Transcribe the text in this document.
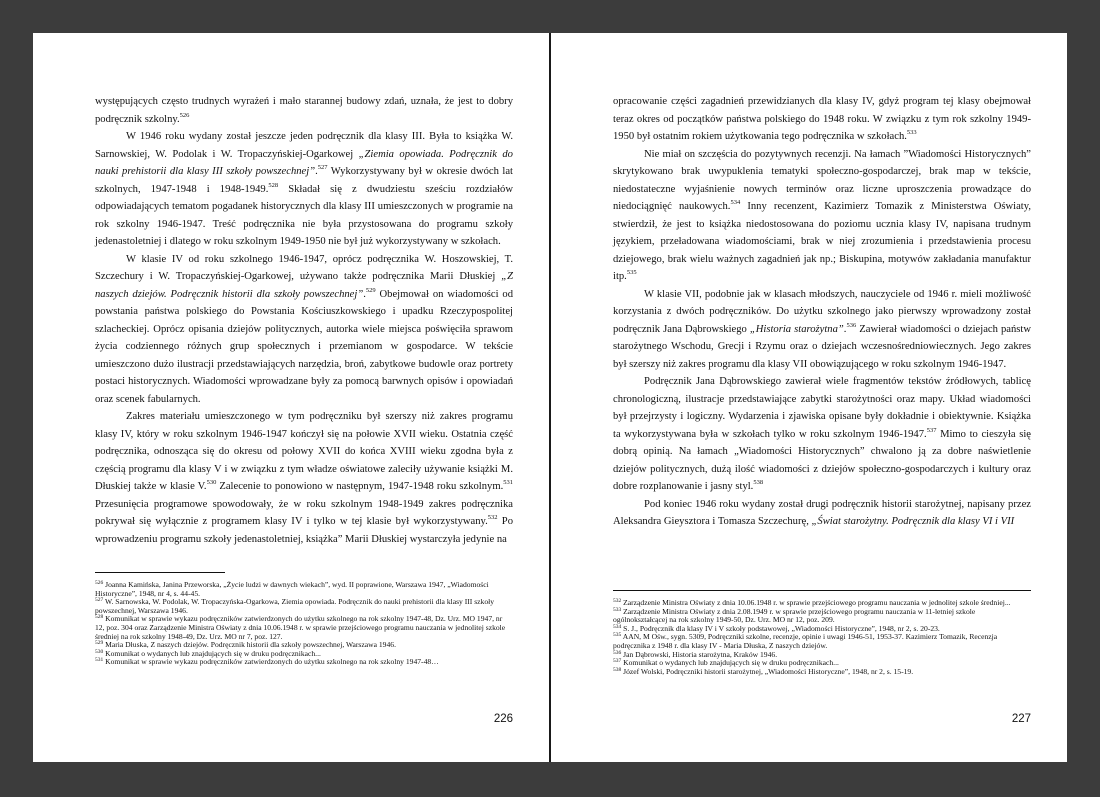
występujących często trudnych wyrażeń i mało starannej budowy zdań, uznała, że jest to dobry podręcznik szkolny.$^{526}$

W 1946 roku wydany został jeszcze jeden podręcznik dla klasy III. Była to książka W. Sarnowskiej, W. Podolak i W. Tropaczyńskiej-Ogarkowej „Ziemia opowiada. Podręcznik do nauki prehistorii dla klasy III szkoły powszechnej”.$^{527}$ Wykorzystywany był w okresie dwóch lat szkolnych, 1947-1948 i 1948-1949.$^{528}$ Składał się z dwudziestu sześciu rozdziałów odpowiadających tematom pogadanek historycznych dla klasy III umieszczonych w programie na rok szkolny 1946-1947. Treść podręcznika nie była przystosowana do programu szkoły jedenastoletniej i dlatego w roku szkolnym 1949-1950 nie był już wykorzystywany w szkołach.

W klasie IV od roku szkolnego 1946-1947, oprócz podręcznika W. Hoszowskiej, T. Szczechury i W. Tropaczyńskiej-Ogarkowej, używano także podręcznika Marii Dłuskiej „Z naszych dziejów. Podręcznik historii dla szkoły powszechnej”.$^{529}$ Obejmował on wiadomości od powstania państwa polskiego do Powstania Kościuszkowskiego i upadku Rzeczypospolitej szlacheckiej. Oprócz opisania dziejów politycznych, autorka wiele miejsca poświęciła sprawom życia codziennego różnych grup społecznych i przemianom w gospodarce. W tekście umieszczono dużo ilustracji przedstawiających narzędzia, broń, zabytkowe budowle oraz portrety postaci historycznych. Wiadomości wprowadzane były za pomocą barwnych opisów i opowiadań oraz scenek fabularnych.

Zakres materiału umieszczonego w tym podręczniku był szerszy niż zakres programu klasy IV, który w roku szkolnym 1946-1947 kończył się na połowie XVII wieku. Ostatnia część podręcznika, odnosząca się do okresu od połowy XVII do końca XVIII wieku zgodna była z częścią programu dla klasy V i w związku z tym władze oświatowe zaleciły używanie książki M. Dłuskiej także w klasie V.$^{530}$ Zalecenie to ponowiono w następnym, 1947-1948 roku szkolnym.$^{531}$ Przesunięcia programowe spowodowały, że w roku szkolnym 1948-1949 zakres podręcznika pokrywał się wyłącznie z programem klasy IV i tylko w tej klasie był wykorzystywany.$^{532}$ Po wprowadzeniu programu szkoły jedenastoletniej, książka” Marii Dłuskiej wystarczyła jedynie na

$^{526}$ Joanna Kamińska, Janina Przeworska, „Życie ludzi w dawnych wiekach”, wyd. II poprawione, Warszawa 1947, „Wiadomości Historyczne”, 1948, nr 4, s. 44-45.

$^{527}$ W. Sarnowska, W. Podolak, W. Tropaczyńska-Ogarkowa, Ziemia opowiada. Podręcznik do nauki prehistorii dla klasy III szkoły powszechnej, Warszawa 1946.

$^{528}$ Komunikat w sprawie wykazu podręczników zatwierdzonych do użytku szkolnego na rok szkolny 1947-48, Dz. Urz. MO 1947, nr 12, poz. 304 oraz Zarządzenie Ministra Oświaty z dnia 10.06.1948 r. w sprawie przejściowego programu nauczania w jednolitej szkole średniej na rok szkolny 1948-49, Dz. Urz. MO nr 7, poz. 127.

$^{529}$ Maria Dłuska, Z naszych dziejów. Podręcznik historii dla szkoły powszechnej, Warszawa 1946.

$^{530}$ Komunikat o wydanych lub znajdujących się w druku podręcznikach...

$^{531}$ Komunikat w sprawie wykazu podręczników zatwierdzonych do użytku szkolnego na rok szkolny 1947-48…

226

opracowanie części zagadnień przewidzianych dla klasy IV, gdyż program tej klasy obejmował teraz okres od początków państwa polskiego do 1948 roku. W związku z tym rok szkolny 1949-1950 był ostatnim rokiem użytkowania tego podręcznika w szkołach.$^{533}$

Nie miał on szczęścia do pozytywnych recenzji. Na łamach ”Wiadomości Historycznych” skrytykowano brak uwypuklenia tematyki społeczno-gospodarczej, brak map w tekście, niedostateczne wyjaśnienie nowych terminów oraz liczne uproszczenia prowadzące do niedociągnięć naukowych.$^{534}$ Inny recenzent, Kazimierz Tomazik z Ministerstwa Oświaty, stwierdził, że jest to książka niedostosowana do poziomu ucznia klasy IV, napisana trudnym językiem, przeładowana wiadomościami, brak w niej zrozumienia i przedstawienia procesu dziejowego, brak wielu ważnych zagadnień jak np.; Biskupina, motywów zakładania manufaktur itp.$^{535}$

W klasie VII, podobnie jak w klasach młodszych, nauczyciele od 1946 r. mieli możliwość korzystania z dwóch podręczników. Do użytku szkolnego jako pierwszy wprowadzony został podręcznik Jana Dąbrowskiego „Historia starożytna”.$^{536}$ Zawierał wiadomości o dziejach państw starożytnego Wschodu, Grecji i Rzymu oraz o dziejach wczesnośredniowiecznych. Jego zakres był szerszy niż zakres programu dla klasy VII obowiązującego w roku szkolnym 1946-1947.

Podręcznik Jana Dąbrowskiego zawierał wiele fragmentów tekstów źródłowych, tablicę chronologiczną, ilustracje przedstawiające zabytki starożytności oraz mapy. Układ wiadomości był przejrzysty i logiczny. Wydarzenia i zjawiska opisane były dokładnie i obiektywnie. Książka ta wykorzystywana była w szkołach tylko w roku szkolnym 1946-1947.$^{537}$ Mimo to cieszyła się dobrą opinią. Na łamach „Wiadomości Historycznych” chwalono ją za dobre naświetlenie dziejów politycznych, dużą ilość wiadomości z dziejów społeczno-gospodarczych i kultury oraz dobre rozplanowanie i jasny styl.$^{538}$

Pod koniec 1946 roku wydany został drugi podręcznik historii starożytnej, napisany przez Aleksandra Gieysztora i Tomasza Szczechurę, „Świat starożytny. Podręcznik dla klasy VI i VII

$^{532}$ Zarządzenie Ministra Oświaty z dnia 10.06.1948 r. w sprawie przejściowego programu nauczania w jednolitej szkole średniej...

$^{533}$ Zarządzenie Ministra Oświaty z dnia 2.08.1949 r. w sprawie przejściowego programu nauczania w 11-letniej szkole ogólnokształcącej na rok szkolny 1949-50, Dz. Urz. MO nr 12, poz. 209.

$^{534}$ S. J., Podręcznik dla klasy IV i V szkoły podstawowej, „Wiadomości Historyczne”, 1948, nr 2, s. 20-23.

$^{535}$ AAN, M Ośw., sygn. 5309, Podręczniki szkolne, recenzje, opinie i uwagi 1946-51, 1953-37. Kazimierz Tomazik, Recenzja podręcznika z 1948 r. dla klasy IV - Maria Dłuska, Z naszych dziejów.

$^{536}$ Jan Dąbrowski, Historia starożytna, Kraków 1946.

$^{537}$ Komunikat o wydanych lub znajdujących się w druku podręcznikach...

$^{538}$ Józef Wolski, Podręczniki historii starożytnej, „Wiadomości Historyczne”, 1948, nr 2, s. 15-19.

227
